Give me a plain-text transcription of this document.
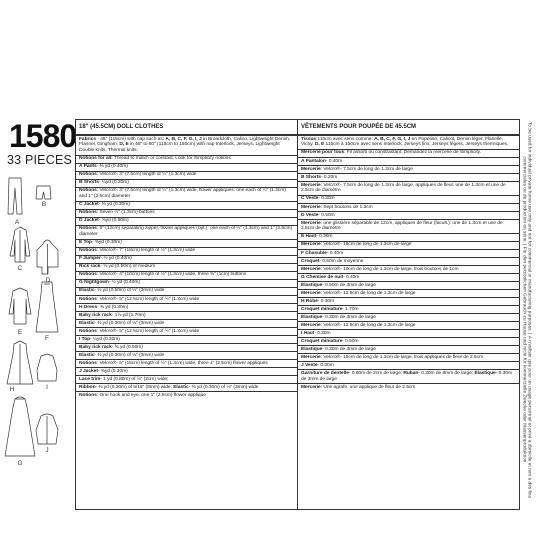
1580
33 PIECES
A
B
C
D
E
F
G
H	I
J
18" (45.5CM) DOLL CLOTHES
Fabrics - 45" (115cm) with nap such as: A, B, C, F, G, I, J in Broadcloth, Calico, Lightweight Denim, Flannel, Gingham. D, E in 45" to 60" (115cm to 150cm) with nap Interlock, Jerseys, Lightweight Double knits, Thermal knits.
Notions for all: Thread to match or contrast. Look for Simplicity notions.
A Pants- ⅜ yd (0.40m)
Notions: Velcro®- 3" (7.5cm) length of ½" (1.3cm) wide
B Shorts- ¼yd (0.20m)
Notions: Velcro®- 3" (7.5cm) length of ½" (1.3cm) wide, flower appliques: one each of ½" (1.3cm) and 1" (2.5cm) diameter
C Jacket- ⅜ yd (0.30m)
Notions: Seven ½" (1.3cm) buttons
D Jacket- ⅝yd (0.50m)
Notions: 5" (12cm) separating zipper, flower appliques (opt.): one each of ½" (1.3cm) and 1" (2.5cm) diameter
E Top- ⅜yd (0.30m)
Notions: Velcro®- 7" (18cm) length of ½" (1.3cm) wide
F Jumper- ½ yd (0.40m)
Rick rack- ⅝ yd (0.50m) of medium
Notions: Velcro®- 4" (10cm) length of ½" (1.3cm) wide, three ⅜" (1cm) buttons
G Nightgown- ½ yd (0.40m)
Elastic- ⅝ yd (0.50m) of ⅛" (3mm) wide
Notions: Velcro®- 5" (12.5cm) length of ½" (1.3cm) wide
H Dress- ⅜ yd (0.30m)
Baby rick rack- 1⅞ yd (1.70m)
Elastic- ⅜ yd (0.30m) of ⅛" (3mm) wide
Notions: Velcro®- 5" (12.5cm) length of ½" (1.3cm) wide
I Top- ¼yd (0.30m)
Baby rick rack- ⅝ yd (0.50m)
Elastic- ⅜ yd (0.30m) of ⅛" (3mm) wide
Notions: Velcro®- 6" (15cm) length of ½" (1.3cm) wide, three 1" (2.5cm) flower appliques
J Jacket- ⅜yd (0.30m)
Lace trim- 1 yd (0.80m) of ⅞" (2cm) wide;
Ribbon- ⅜ yd (0.30m) of 5/16" (8mm) wide; Elastic- ⅜ yd (0.30m) of ⅛" (3mm) wide
Notions: One hook and eye. one 1" (2.5cm) flower applique
VÊTEMENTS POUR POUPÉE DE 45.5CM
Tissus:115cm avec sens comme: A, B, C, F, G, I, J en Popeline, Calicot, Denim léger, Flanelle, Vichy. D, E 115cm à 150cm avec sens Interlock, Jerseys fins, Jerseys légers, Jerseys thermiques.
Mercerie pour tous: Fil assorti ou constrastant. Demandez la mercerie de Simplicity.
A Pantalon- 0.40m
Mercerie: Velcro®- 7.5cm de long de 1.3cm de large
B Shorts- 0.20m
Mercerie: Velcro®- 7.5cm de long de 1.3cm de large, appliques de fleur. une de 1.3cm et une de 2.5cm de diamètre
C Veste- 0.30m
Mercerie: Sept boutons de 1.3cm
D Veste- 0.50m
Mercerie: une glissière séparable de 12cm, appliques de fleur (facult.): une de 1.3cm et une de 2.5cm de diamètre
E Haut- 0.30m
Mercerie: Velcro®- 18cm de long de 1.3cm de large
F Chasuble- 0.40m
Croquet- 0.50m de moyenne
Mercerie: Velcro®- 10cm de long de 1.3cm de large, trois boutons de 1cm
G Chemise de nuit- 0.40m
Élastique- 0.50m de 3mm de large
Mercerie: Velcro®- 12.5cm de long de 1.3cm de large
H Robe- 0.30m
Croquet miniature- 1.70m
Élastique- 0.30m de 3mm de large
Mercerie: Velcro®- 12.5cm de long de 1.3cm de large
I Haut- 0.30m
Croquet miniature- 0.50m
Élastique- 0.30m de 3mm de large
Mercerie: Velcro®- 15cm de long de 1.3cm de large, trois appliques de fleur de 2.5cm
J Veste- 0.30m
Garniture de dentelle- 0.80m de 2cm de large; Ruban- 0.30m de 8mm de large; Élastique- 0.30m de 3mm de large
Mercerie: Une agrafe. une applique de fleur de 2.5cm	To be used for individual private home use only and not for commercial or manufacturing purposes. | À n'utiliser que pour un usage personnel et privé à domicile et non à des fins commerciales ou de production en série. | Für den persönlichen Gebrauch zu Hause und nicht für kommerzielle Zwecke oder Massenproduktion.
